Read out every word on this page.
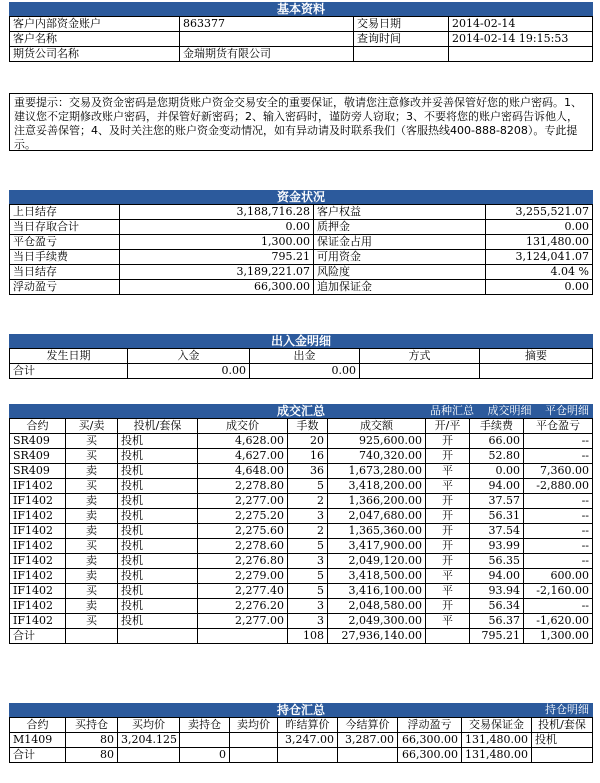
基本资料
客户内部资金账户	863377	交易日期	2014-02-14
客户名称		查询时间	2014-02-14 19:15:53
期货公司名称	金瑞期货有限公司		
重要提示：交易及资金密码是您期货账户资金交易安全的重要保证，敬请您注意修改并妥善保管好您的账户密码。1、建议您不定期修改账户密码，并保管好新密码；2、输入密码时，谨防旁人窃取；3、不要将您的账户密码告诉他人，注意妥善保管；4、及时关注您的账户资金变动情况，如有异动请及时联系我们（客服热线400-888-8208）。专此提示。
资金状况
上日结存	3,188,716.28	客户权益	3,255,521.07
当日存取合计	0.00	质押金	0.00
平仓盈亏	1,300.00	保证金占用	131,480.00
当日手续费	795.21	可用资金	3,124,041.07
当日结存	3,189,221.07	风险度	4.04 %
浮动盈亏	66,300.00	追加保证金	0.00
出入金明细
发生日期	入金	出金	方式	摘要
合计	0.00	0.00		
成交汇总	品种汇总 成交明细 平仓明细
合约	买/卖	投机/套保	成交价	手数	成交额	开/平	手续费	平仓盈亏
SR409	买	投机	4,628.00	20	925,600.00	开	66.00	--
SR409	买	投机	4,627.00	16	740,320.00	开	52.80	--
SR409	卖	投机	4,648.00	36	1,673,280.00	平	0.00	7,360.00
IF1402	买	投机	2,278.80	5	3,418,200.00	平	94.00	-2,880.00
IF1402	卖	投机	2,277.00	2	1,366,200.00	开	37.57	--
IF1402	卖	投机	2,275.20	3	2,047,680.00	开	56.31	--
IF1402	卖	投机	2,275.60	2	1,365,360.00	开	37.54	--
IF1402	买	投机	2,278.60	5	3,417,900.00	开	93.99	--
IF1402	卖	投机	2,276.80	3	2,049,120.00	开	56.35	--
IF1402	卖	投机	2,279.00	5	3,418,500.00	平	94.00	600.00
IF1402	买	投机	2,277.40	5	3,416,100.00	平	93.94	-2,160.00
IF1402	卖	投机	2,276.20	3	2,048,580.00	开	56.34	--
IF1402	买	投机	2,277.00	3	2,049,300.00	平	56.37	-1,620.00
合计				108	27,936,140.00		795.21	1,300.00
持仓汇总	持仓明细
合约	买持仓	买均价	卖持仓	卖均价	昨结算价	今结算价	浮动盈亏	交易保证金	投机/套保
M1409	80	3,204.125			3,247.00	3,287.00	66,300.00	131,480.00	投机
合计	80		0				66,300.00	131,480.00	
